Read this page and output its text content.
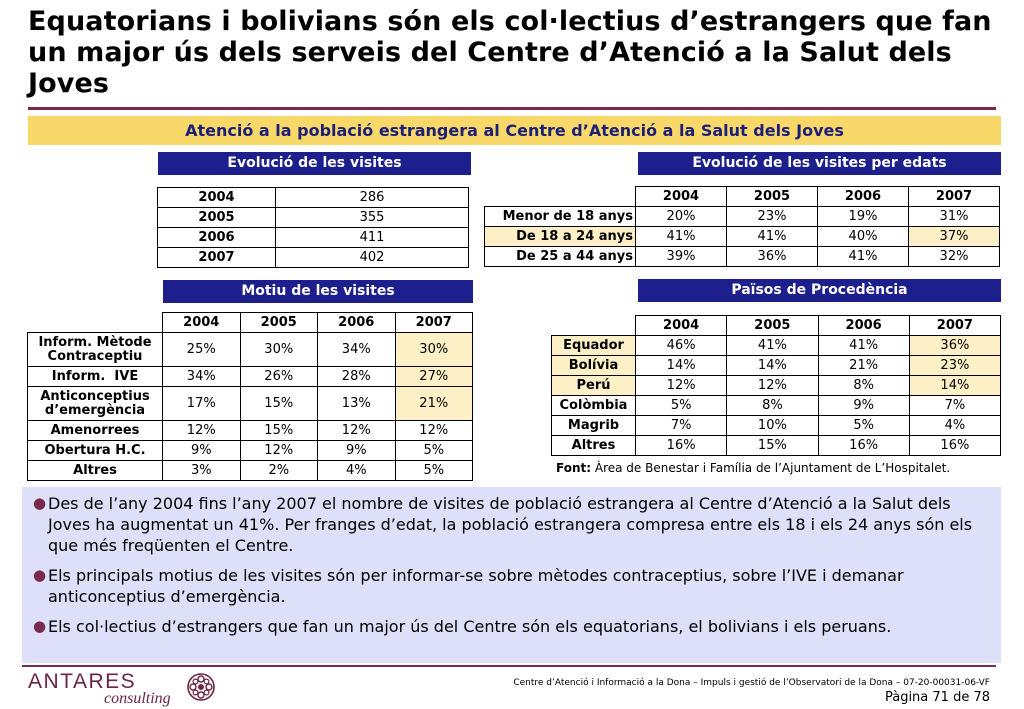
Equatorians i bolivians són els col·lectius d’estrangers que fan un major ús dels serveis del Centre d’Atenció a la Salut dels Joves
Atenció a la població estrangera al Centre d’Atenció a la Salut dels Joves
Evolució de les visites
2004	286
2005	355
2006	411
2007	402
Evolució de les visites per edats
	2004	2005	2006	2007
Menor de 18 anys	20%	23%	19%	31%
De 18 a 24 anys	41%	41%	40%	37%
De 25 a 44 anys	39%	36%	41%	32%
Motiu de les visites
	2004	2005	2006	2007
Inform. Mètode Contraceptiu	25%	30%	34%	30%
Inform.  IVE	34%	26%	28%	27%
Anticonceptius d’emergència	17%	15%	13%	21%
Amenorrees	12%	15%	12%	12%
Obertura H.C.	9%	12%	9%	5%
Altres	3%	2%	4%	5%
Països de Procedència
	2004	2005	2006	2007
Equador	46%	41%	41%	36%
Bolívia	14%	14%	21%	23%
Perú	12%	12%	8%	14%
Colòmbia	5%	8%	9%	7%
Magrib	7%	10%	5%	4%
Altres	16%	15%	16%	16%
Font: Àrea de Benestar i Família de l’Ajuntament de L’Hospitalet.
● Des de l’any 2004 fins l’any 2007 el nombre de visites de població estrangera al Centre d’Atenció a la Salut dels Joves ha augmentat un 41%. Per franges d’edat, la població estrangera compresa entre els 18 i els 24 anys són els que més freqüenten el Centre.
● Els principals motius de les visites són per informar-se sobre mètodes contraceptius, sobre l’IVE i demanar anticonceptius d’emergència.
● Els col·lectius d’estrangers que fan un major ús del Centre són els equatorians, el bolivians i els peruans.
ANTARES
consulting
Centre d’Atenció i Informació a la Dona – Impuls i gestió de l’Observatori de la Dona – 07-20-00031-06-VF
Pàgina 71 de 78
